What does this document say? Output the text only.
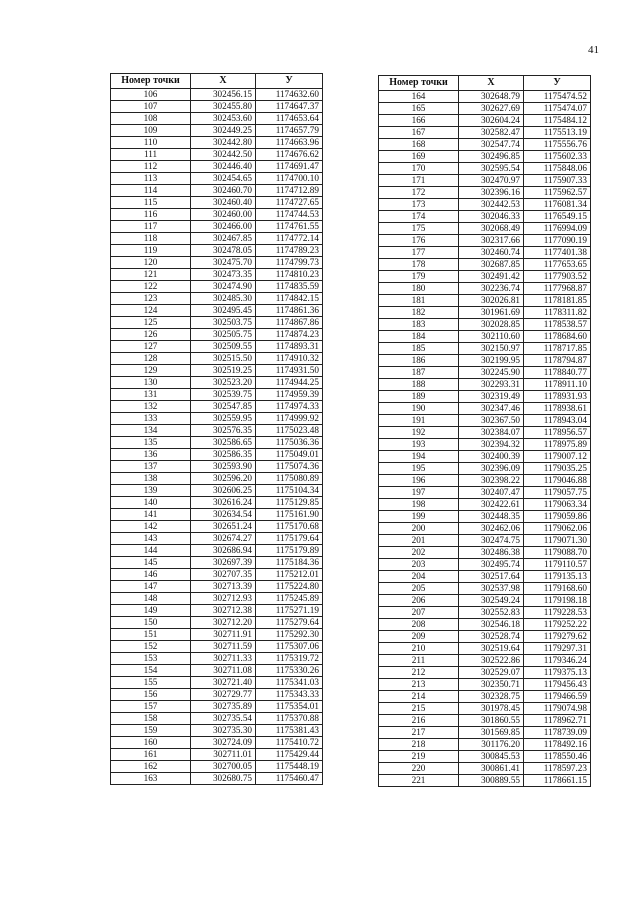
41
Номер точки	X	У
106	302456.15	1174632.60
107	302455.80	1174647.37
108	302453.60	1174653.64
109	302449.25	1174657.79
110	302442.80	1174663.96
111	302442.50	1174676.62
112	302446.40	1174691.47
113	302454.65	1174700.10
114	302460.70	1174712.89
115	302460.40	1174727.65
116	302460.00	1174744.53
117	302466.00	1174761.55
118	302467.85	1174772.14
119	302478.05	1174789.23
120	302475.70	1174799.73
121	302473.35	1174810.23
122	302474.90	1174835.59
123	302485.30	1174842.15
124	302495.45	1174861.36
125	302503.75	1174867.86
126	302505.75	1174874.23
127	302509.55	1174893.31
128	302515.50	1174910.32
129	302519.25	1174931.50
130	302523.20	1174944.25
131	302539.75	1174959.39
132	302547.85	1174974.33
133	302559.95	1174999.92
134	302576.35	1175023.48
135	302586.65	1175036.36
136	302586.35	1175049.01
137	302593.90	1175074.36
138	302596.20	1175080.89
139	302606.25	1175104.34
140	302616.24	1175129.85
141	302634.54	1175161.90
142	302651.24	1175170.68
143	302674.27	1175179.64
144	302686.94	1175179.89
145	302697.39	1175184.36
146	302707.35	1175212.01
147	302713.39	1175224.80
148	302712.93	1175245.89
149	302712.38	1175271.19
150	302712.20	1175279.64
151	302711.91	1175292.30
152	302711.59	1175307.06
153	302711.33	1175319.72
154	302711.08	1175330.26
155	302721.40	1175341.03
156	302729.77	1175343.33
157	302735.89	1175354.01
158	302735.54	1175370.88
159	302735.30	1175381.43
160	302724.09	1175410.72
161	302711.01	1175429.44
162	302700.05	1175448.19
163	302680.75	1175460.47
Номер точки	X	У
164	302648.79	1175474.52
165	302627.69	1175474.07
166	302604.24	1175484.12
167	302582.47	1175513.19
168	302547.74	1175556.76
169	302496.85	1175602.33
170	302595.54	1175848.06
171	302470.97	1175907.33
172	302396.16	1175962.57
173	302442.53	1176081.34
174	302046.33	1176549.15
175	302068.49	1176994.09
176	302317.66	1177090.19
177	302460.74	1177401.38
178	302687.85	1177653.65
179	302491.42	1177903.52
180	302236.74	1177968.87
181	302026.81	1178181.85
182	301961.69	1178311.82
183	302028.85	1178538.57
184	302110.60	1178684.60
185	302150.97	1178717.85
186	302199.95	1178794.87
187	302245.90	1178840.77
188	302293.31	1178911.10
189	302319.49	1178931.93
190	302347.46	1178938.61
191	302367.50	1178943.04
192	302384.07	1178956.57
193	302394.32	1178975.89
194	302400.39	1179007.12
195	302396.09	1179035.25
196	302398.22	1179046.88
197	302407.47	1179057.75
198	302422.61	1179063.34
199	302448.35	1179059.86
200	302462.06	1179062.06
201	302474.75	1179071.30
202	302486.38	1179088.70
203	302495.74	1179110.57
204	302517.64	1179135.13
205	302537.98	1179168.60
206	302549.24	1179198.18
207	302552.83	1179228.53
208	302546.18	1179252.22
209	302528.74	1179279.62
210	302519.64	1179297.31
211	302522.86	1179346.24
212	302529.07	1179375.13
213	302350.71	1179456.43
214	302328.75	1179466.59
215	301978.45	1179074.98
216	301860.55	1178962.71
217	301569.85	1178739.09
218	301176.20	1178492.16
219	300845.53	1178550.46
220	300861.41	1178597.23
221	300889.55	1178661.15
